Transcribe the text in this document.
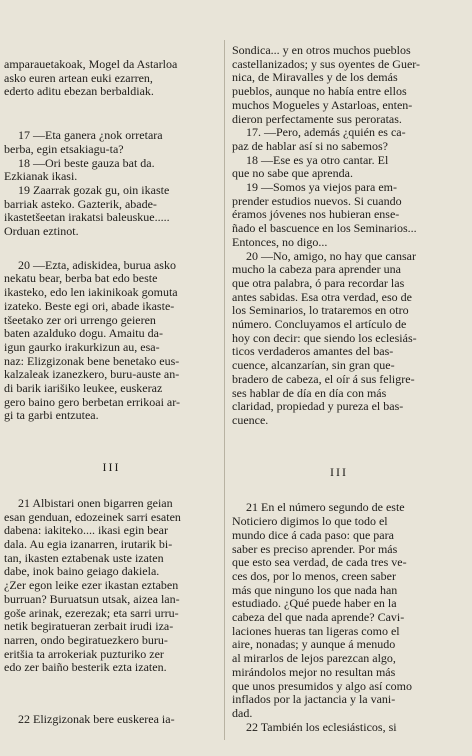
amparauetakoak, Mogel da Astarloa
asko euren artean euki ezarren,
ederto aditu ebezan berbaldiak.
17 —Eta ganera ¿nok orretara
berba, egin etsakiagu-ta?
18 —Ori beste gauza bat da.
Ezkianak ikasi.
19 Zaarrak gozak gu, oin ikaste
barriak asteko. Gazterik, abade-
ikastetšeetan irakatsi baleuskue.....
Orduan eztinot.
20 —Ezta, adiskidea, burua asko
nekatu bear, berba bat edo beste
ikasteko, edo len iakinikoak gomuta
izateko. Beste egi ori, abade ikaste-
tšeetako zer ori urrengo geieren
baten azalduko dogu. Amaitu da-
igun gaurko irakurkizun au, esa-
naz: Elizgizonak bene benetako eus-
kalzaleak izanezkero, buru-auste an-
di barik iarišiko leukee, euskeraz
gero baino gero berbetan errikoai ar-
gi ta garbi entzutea.
III
21 Albistari onen bigarren geian
esan genduan, edozeinek sarri esaten
dabena: iakiteko.... ikasi egin bear
dala. Au egia izanarren, irutarik bi-
tan, ikasten eztabenak uste izaten
dabe, inok baino geiago dakiela.
¿Zer egon leike ezer ikastan eztaben
burruan? Buruatsun utsak, aizea lan-
goše arinak, ezerezak; eta sarri urru-
netik begiratueran zerbait irudi iza-
narren, ondo begiratuezkero buru-
eritšia ta arrokeriak puzturiko zer
edo zer baiño besterik ezta izaten.
22 Elizgizonak bere euskerea ia-
Sondica... y en otros muchos pueblos
castellanizados; y sus oyentes de Guer-
nica, de Miravalles y de los demás
pueblos, aunque no había entre ellos
muchos Mogueles y Astarloas, enten-
dieron perfectamente sus peroratas.
17. —Pero, además ¿quién es ca-
paz de hablar así si no sabemos?
18 —Ese es ya otro cantar. El
que no sabe que aprenda.
19 —Somos ya viejos para em-
prender estudios nuevos. Si cuando
éramos jóvenes nos hubieran ense-
ñado el bascuence en los Seminarios...
Entonces, no digo...
20 —No, amigo, no hay que cansar
mucho la cabeza para aprender una
que otra palabra, ó para recordar las
antes sabidas. Esa otra verdad, eso de
los Seminarios, lo trataremos en otro
número. Concluyamos el artículo de
hoy con decir: que siendo los eclesiás-
ticos verdaderos amantes del bas-
cuence, alcanzarían, sin gran que-
bradero de cabeza, el oír á sus feligre-
ses hablar de día en día con más
claridad, propiedad y pureza el bas-
cuence.
III
21 En el número segundo de este
Noticiero digimos lo que todo el
mundo dice á cada paso: que para
saber es preciso aprender. Por más
que esto sea verdad, de cada tres ve-
ces dos, por lo menos, creen saber
más que ninguno los que nada han
estudiado. ¿Qué puede haber en la
cabeza del que nada aprende? Cavi-
laciones hueras tan ligeras como el
aire, nonadas; y aunque á menudo
al mirarlos de lejos parezcan algo,
mirándolos mejor no resultan más
que unos presumidos y algo así como
inflados por la jactancia y la vani-
dad.
22 También los eclesiásticos, si
